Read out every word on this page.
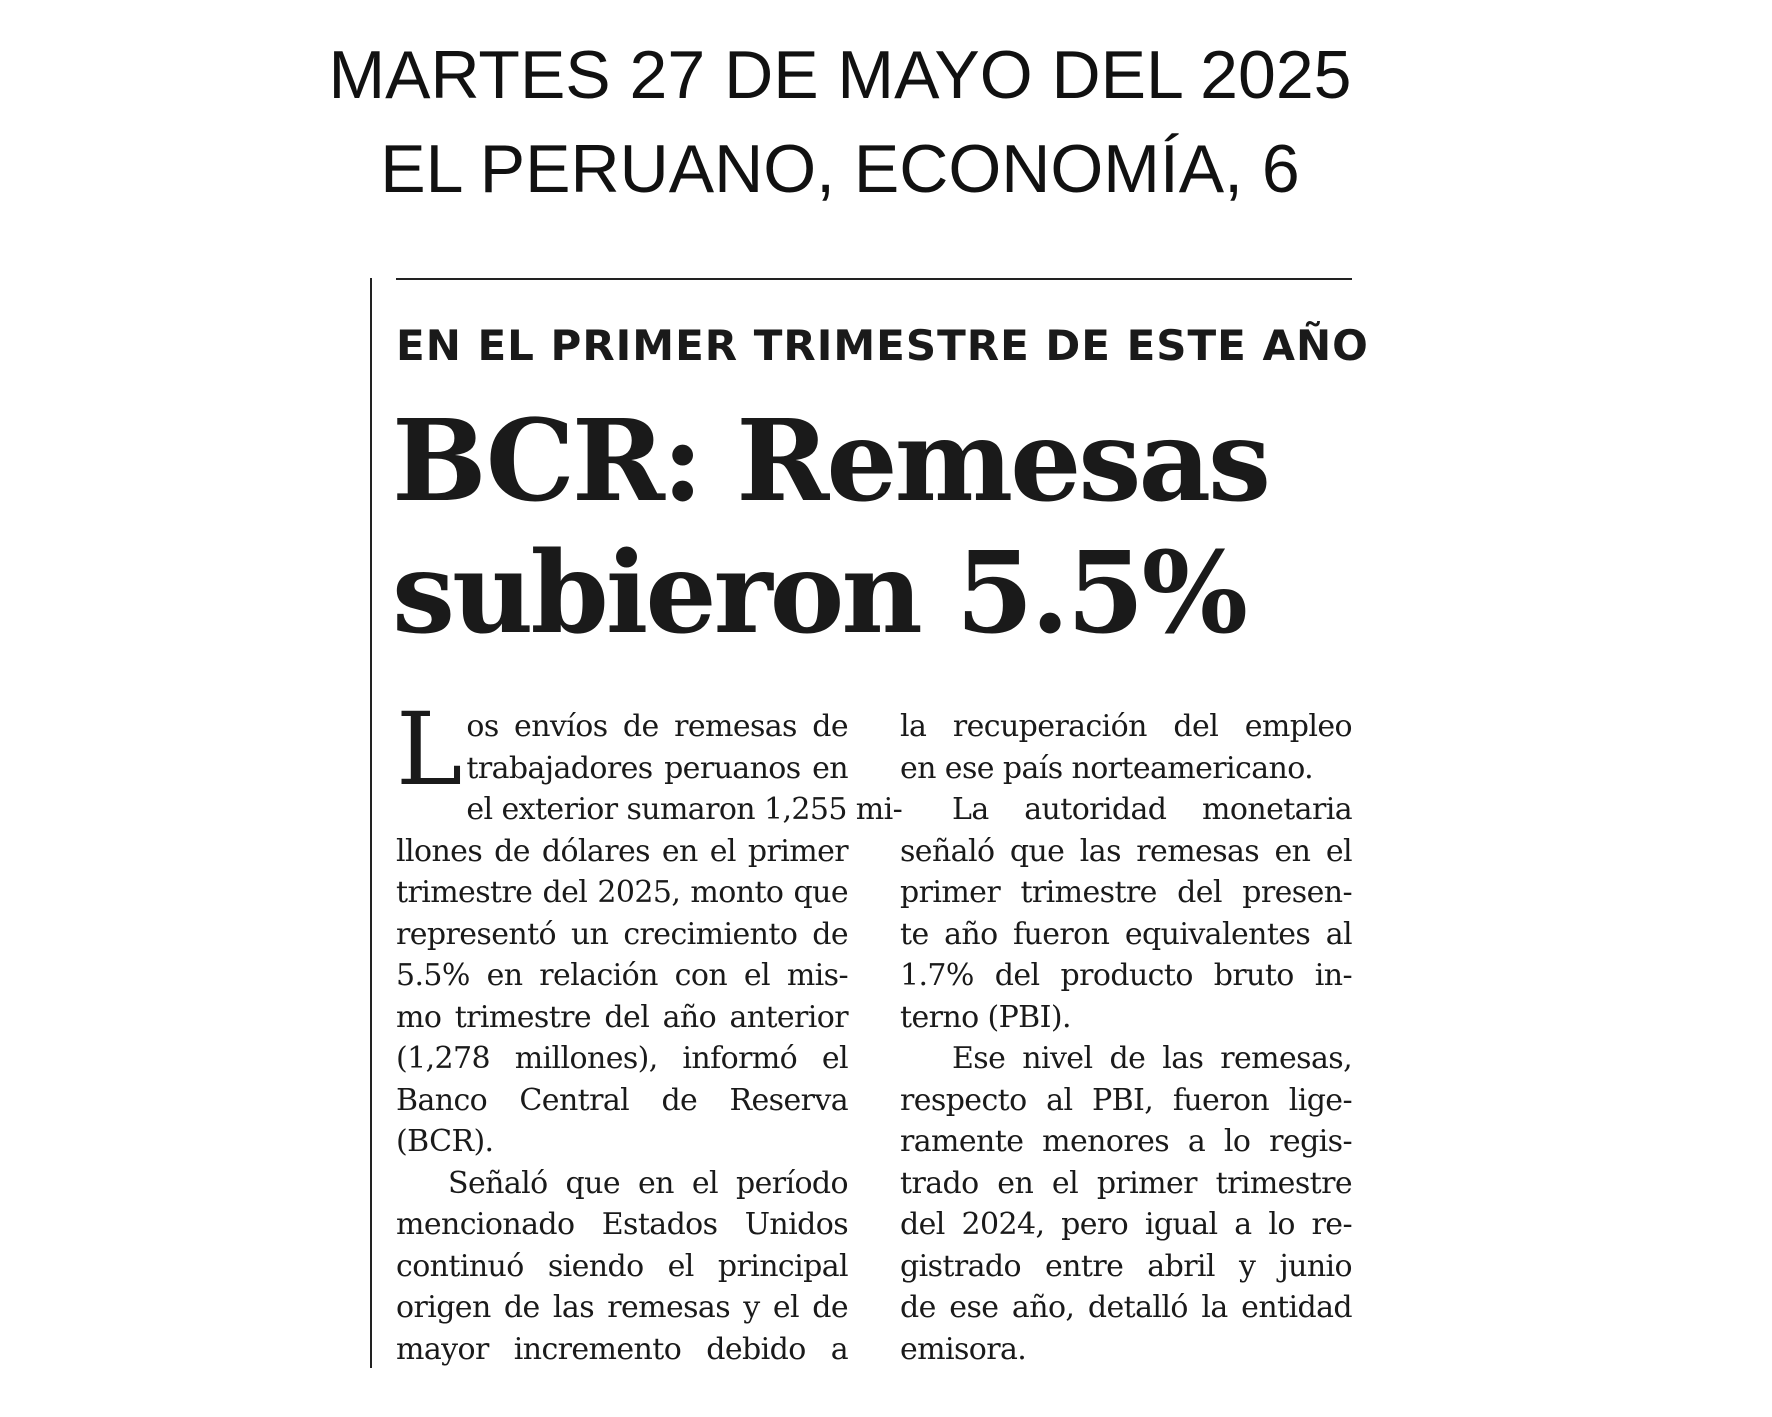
MARTES 27 DE MAYO DEL 2025
EL PERUANO, ECONOMÍA, 6
EN EL PRIMER TRIMESTRE DE ESTE AÑO
BCR: Remesas
subieron 5.5%
L os envíos de remesas de
trabajadores peruanos en
el exterior sumaron 1,255 mi-
llones de dólares en el primer
trimestre del 2025, monto que
representó un crecimiento de
5.5% en relación con el mis-
mo trimestre del año anterior
(1,278 millones), informó el
Banco Central de Reserva
(BCR).
Señaló que en el período
mencionado Estados Unidos
continuó siendo el principal
origen de las remesas y el de
mayor incremento debido a
la recuperación del empleo
en ese país norteamericano.
La autoridad monetaria
señaló que las remesas en el
primer trimestre del presen-
te año fueron equivalentes al
1.7% del producto bruto in-
terno (PBI).
Ese nivel de las remesas,
respecto al PBI, fueron lige-
ramente menores a lo regis-
trado en el primer trimestre
del 2024, pero igual a lo re-
gistrado entre abril y junio
de ese año, detalló la entidad
emisora.
